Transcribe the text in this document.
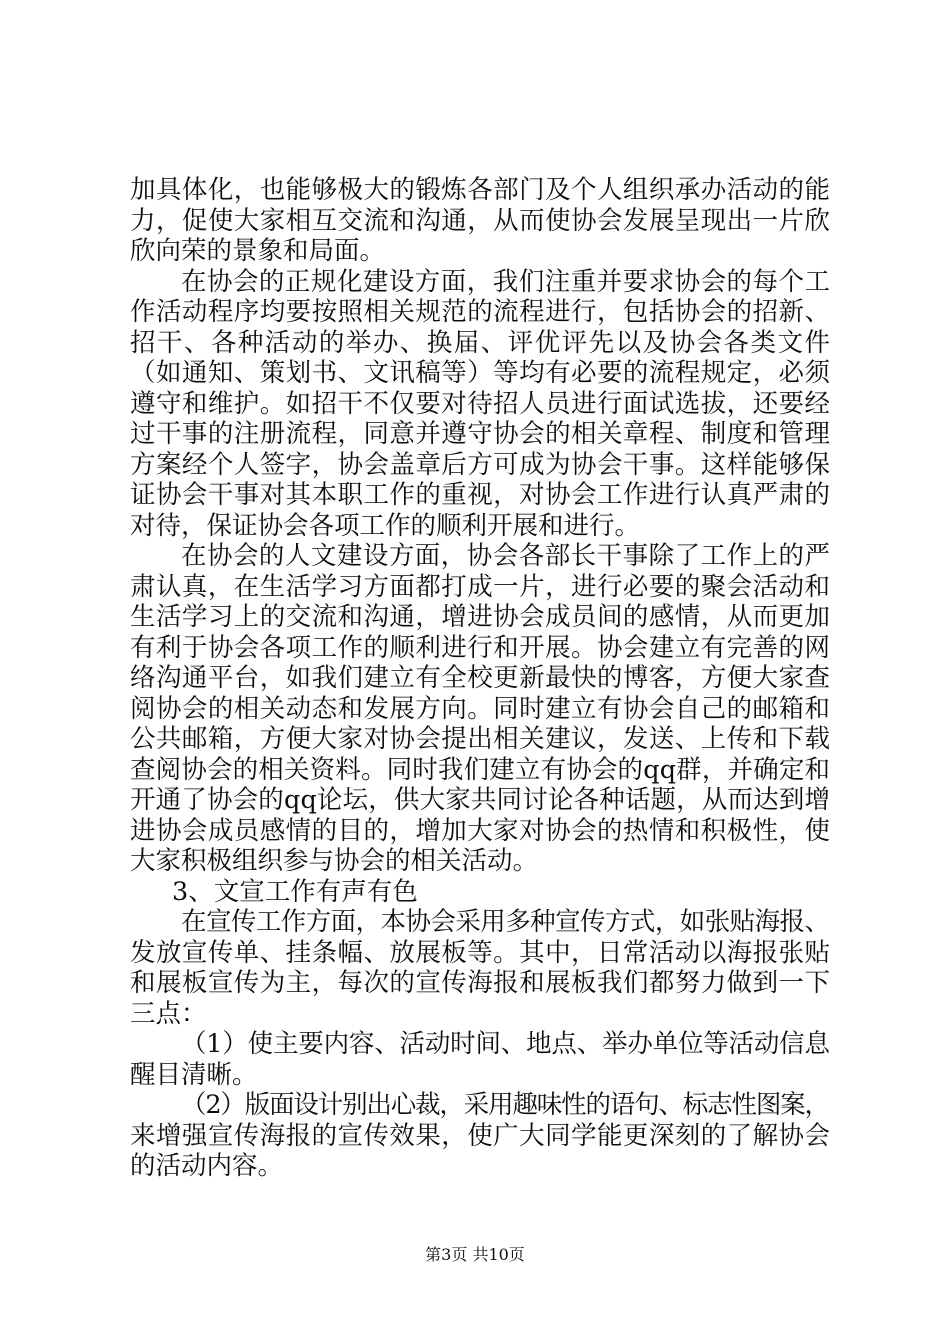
加具体化，也能够极大的锻炼各部门及个人组织承办活动的能
力，促使大家相互交流和沟通，从而使协会发展呈现出一片欣
欣向荣的景象和局面。
在协会的正规化建设方面，我们注重并要求协会的每个工
作活动程序均要按照相关规范的流程进行，包括协会的招新、
招干、各种活动的举办、换届、评优评先以及协会各类文件
（如通知、策划书、文讯稿等）等均有必要的流程规定，必须
遵守和维护。如招干不仅要对待招人员进行面试选拔，还要经
过干事的注册流程，同意并遵守协会的相关章程、制度和管理
方案经个人签字，协会盖章后方可成为协会干事。这样能够保
证协会干事对其本职工作的重视，对协会工作进行认真严肃的
对待，保证协会各项工作的顺利开展和进行。
在协会的人文建设方面，协会各部长干事除了工作上的严
肃认真，在生活学习方面都打成一片，进行必要的聚会活动和
生活学习上的交流和沟通，增进协会成员间的感情，从而更加
有利于协会各项工作的顺利进行和开展。协会建立有完善的网
络沟通平台，如我们建立有全校更新最快的博客，方便大家查
阅协会的相关动态和发展方向。同时建立有协会自己的邮箱和
公共邮箱，方便大家对协会提出相关建议，发送、上传和下载
查阅协会的相关资料。同时我们建立有协会的qq群，并确定和
开通了协会的qq论坛，供大家共同讨论各种话题，从而达到增
进协会成员感情的目的，增加大家对协会的热情和积极性，使
大家积极组织参与协会的相关活动。
3、文宣工作有声有色
在宣传工作方面，本协会采用多种宣传方式，如张贴海报、
发放宣传单、挂条幅、放展板等。其中，日常活动以海报张贴
和展板宣传为主，每次的宣传海报和展板我们都努力做到一下
三点：
（1）使主要内容、活动时间、地点、举办单位等活动信息
醒目清晰。
（2）版面设计别出心裁，采用趣味性的语句、标志性图案，
来增强宣传海报的宣传效果，使广大同学能更深刻的了解协会
的活动内容。
第3页 共10页
